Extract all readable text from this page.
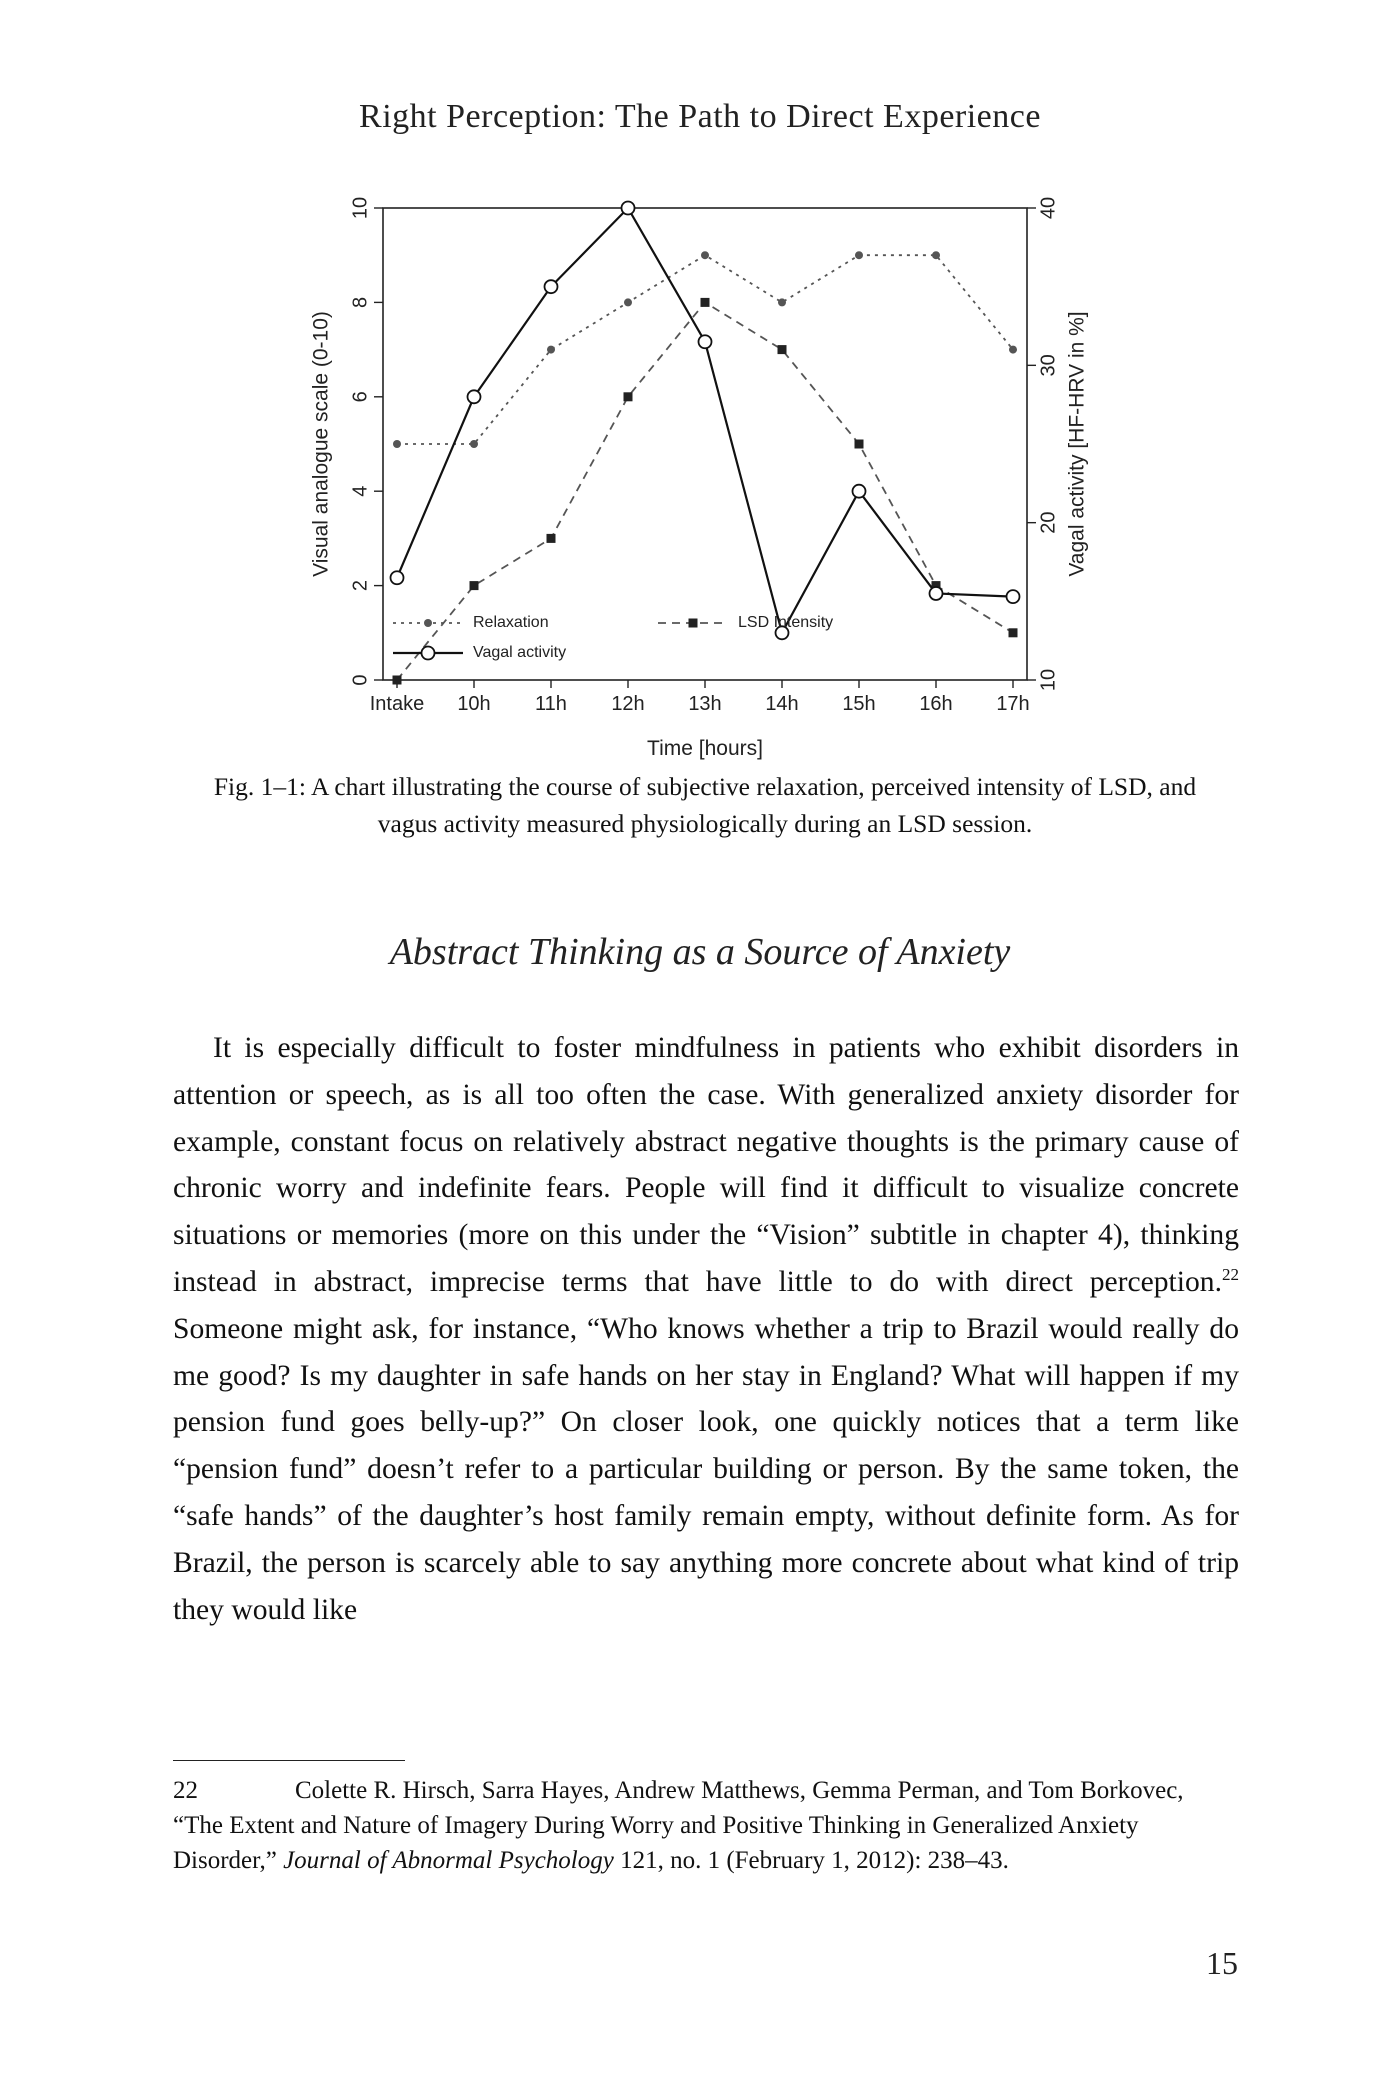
Right Perception: The Path to Direct Experience
0
2
4
6
8
10
10
20
30
40
Intake 10h 11h 12h 13h 14h 15h 16h 17h
Time [hours]
Visual analogue scale (0-10)	Vagal activity [HF-HRV in %]
Relaxation	LSD Intensity
Vagal activity
Fig. 1–1: A chart illustrating the course of subjective relaxation, perceived intensity of LSD, and vagus activity measured physiologically during an LSD session.
Abstract Thinking as a Source of Anxiety

It is especially difficult to foster mindfulness in patients who exhibit disorders in attention or speech, as is all too often the case. With generalized anxiety disorder for example, constant focus on relatively abstract negative thoughts is the primary cause of chronic worry and indefinite fears. People will find it difficult to visualize concrete situations or memories (more on this under the “Vision” subtitle in chapter 4), thinking instead in abstract, imprecise terms that have little to do with direct perception.$^{22}$ Someone might ask, for instance, “Who knows whether a trip to Brazil would really do me good? Is my daughter in safe hands on her stay in England? What will happen if my pension fund goes belly-up?” On closer look, one quickly notices that a term like “pension fund” doesn’t refer to a particular building or person. By the same token, the “safe hands” of the daughter’s host family remain empty, without definite form. As for Brazil, the person is scarcely able to say anything more concrete about what kind of trip they would like

22	Colette R. Hirsch, Sarra Hayes, Andrew Matthews, Gemma Perman, and Tom Borkovec, “The Extent and Nature of Imagery During Worry and Positive Thinking in Generalized Anxiety Disorder,” Journal of Abnormal Psychology 121, no. 1 (February 1, 2012): 238–43.
15
